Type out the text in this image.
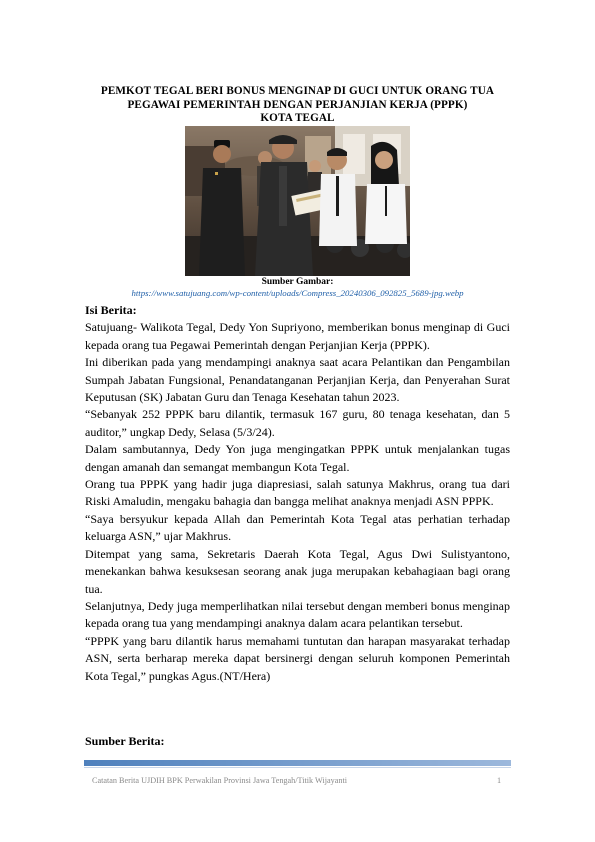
PEMKOT TEGAL BERI BONUS MENGINAP DI GUCI UNTUK ORANG TUA
PEGAWAI PEMERINTAH DENGAN PERJANJIAN KERJA (PPPK)
KOTA TEGAL
Sumber Gambar:
https://www.satujuang.com/wp-content/uploads/Compress_20240306_092825_5689-jpg.webp

Isi Berita:

Satujuang- Walikota Tegal, Dedy Yon Supriyono, memberikan bonus menginap di Guci kepada orang tua Pegawai Pemerintah dengan Perjanjian Kerja (PPPK).

Ini diberikan pada yang mendampingi anaknya saat acara Pelantikan dan Pengambilan Sumpah Jabatan Fungsional, Penandatanganan Perjanjian Kerja, dan Penyerahan Surat Keputusan (SK) Jabatan Guru dan Tenaga Kesehatan tahun 2023.

“Sebanyak 252 PPPK baru dilantik, termasuk 167 guru, 80 tenaga kesehatan, dan 5 auditor,” ungkap Dedy, Selasa (5/3/24).

Dalam sambutannya, Dedy Yon juga mengingatkan PPPK untuk menjalankan tugas dengan amanah dan semangat membangun Kota Tegal.

Orang tua PPPK yang hadir juga diapresiasi, salah satunya Makhrus, orang tua dari Riski Amaludin, mengaku bahagia dan bangga melihat anaknya menjadi ASN PPPK.

“Saya bersyukur kepada Allah dan Pemerintah Kota Tegal atas perhatian terhadap keluarga ASN,” ujar Makhrus.

Ditempat yang sama, Sekretaris Daerah Kota Tegal, Agus Dwi Sulistyantono, menekankan bahwa kesuksesan seorang anak juga merupakan kebahagiaan bagi orang tua.

Selanjutnya, Dedy juga memperlihatkan nilai tersebut dengan memberi bonus menginap kepada orang tua yang mendampingi anaknya dalam acara pelantikan tersebut.

“PPPK yang baru dilantik harus memahami tuntutan dan harapan masyarakat terhadap ASN, serta berharap mereka dapat bersinergi dengan seluruh komponen Pemerintah Kota Tegal,” pungkas Agus.(NT/Hera)

Sumber Berita:
Catatan Berita UJDIH BPK Perwakilan Provinsi Jawa Tengah/Titik Wijayanti	1
